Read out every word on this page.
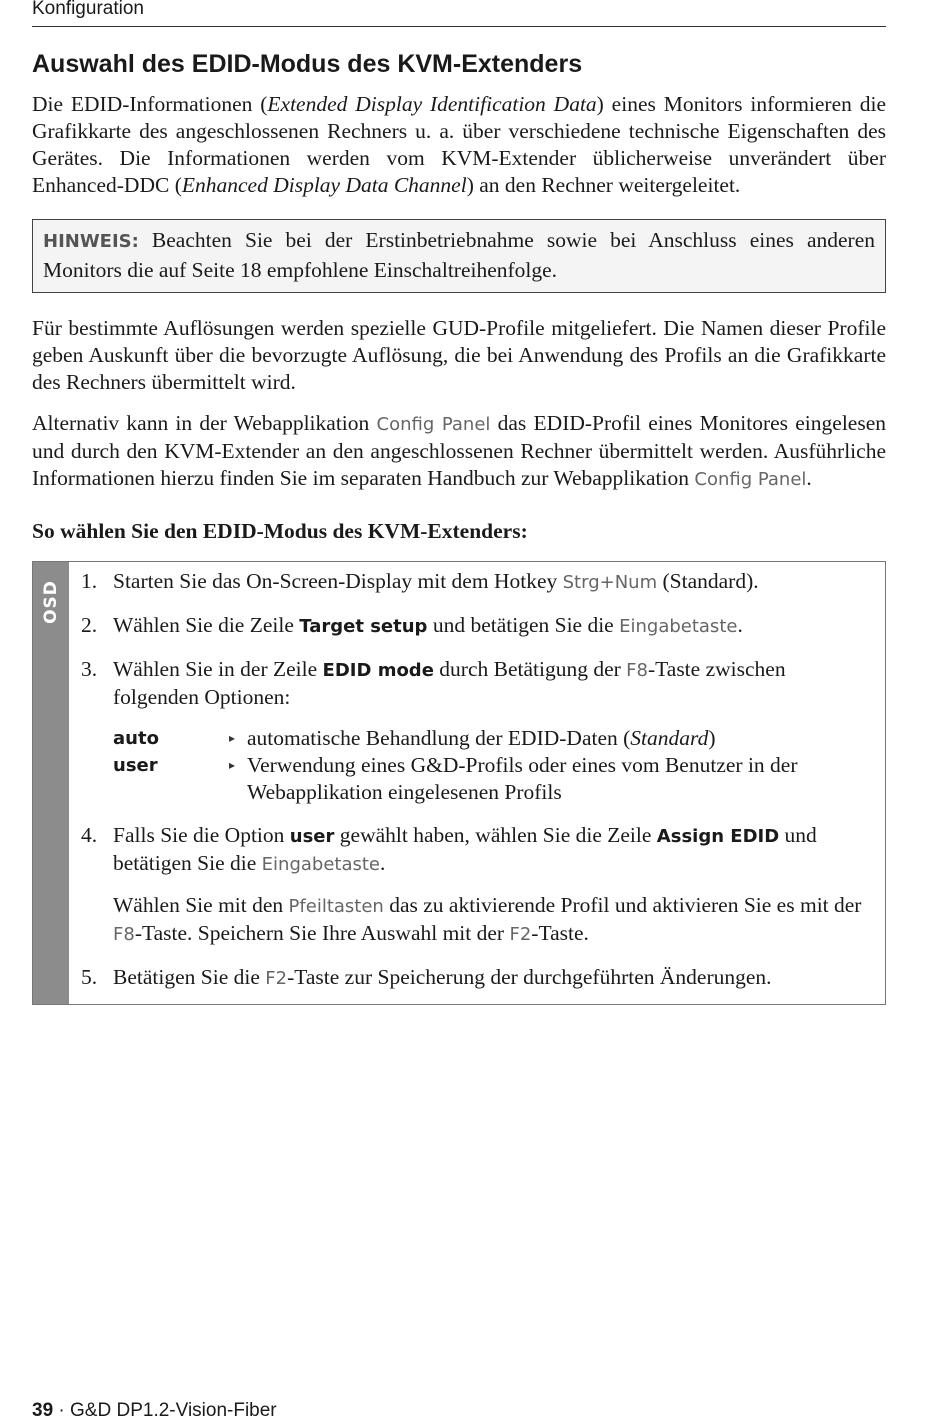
Konfiguration
Auswahl des EDID-Modus des KVM-Extenders

Die EDID-Informationen (Extended Display Identification Data) eines Monitors informieren die Grafikkarte des angeschlossenen Rechners u. a. über verschiedene technische Eigenschaften des Gerätes. Die Informationen werden vom KVM-Extender üblicherweise unverändert über Enhanced-DDC (Enhanced Display Data Channel) an den Rechner weitergeleitet.

HINWEIS: Beachten Sie bei der Erstinbetriebnahme sowie bei Anschluss eines anderen Monitors die auf Seite 18 empfohlene Einschaltreihenfolge.

Für bestimmte Auflösungen werden spezielle GUD-Profile mitgeliefert. Die Namen dieser Profile geben Auskunft über die bevorzugte Auflösung, die bei Anwendung des Profils an die Grafikkarte des Rechners übermittelt wird.

Alternativ kann in der Webapplikation Config Panel das EDID-Profil eines Monitores eingelesen und durch den KVM-Extender an den angeschlossenen Rechner übermittelt werden. Ausführliche Informationen hierzu finden Sie im separaten Handbuch zur Webapplikation Config Panel.

So wählen Sie den EDID-Modus des KVM-Extenders:
OSD 1. Starten Sie das On-Screen-Display mit dem Hotkey Strg+Num (Standard).

2. Wählen Sie die Zeile Target setup und betätigen Sie die Eingabetaste.

3. Wählen Sie in der Zeile EDID mode durch Betätigung der F8-Taste zwischen folgenden Optionen:

auto	▸ automatische Behandlung der EDID-Daten (Standard)
user	▸ Verwendung eines G&D-Profils oder eines vom Benutzer in der Webapplikation eingelesenen Profils
4. Falls Sie die Option user gewählt haben, wählen Sie die Zeile Assign EDID und betätigen Sie die Eingabetaste.

Wählen Sie mit den Pfeiltasten das zu aktivierende Profil und aktivieren Sie es mit der F8-Taste. Speichern Sie Ihre Auswahl mit der F2-Taste.

5. Betätigen Sie die F2-Taste zur Speicherung der durchgeführten Änderungen.

39 · G&D DP1.2-Vision-Fiber
